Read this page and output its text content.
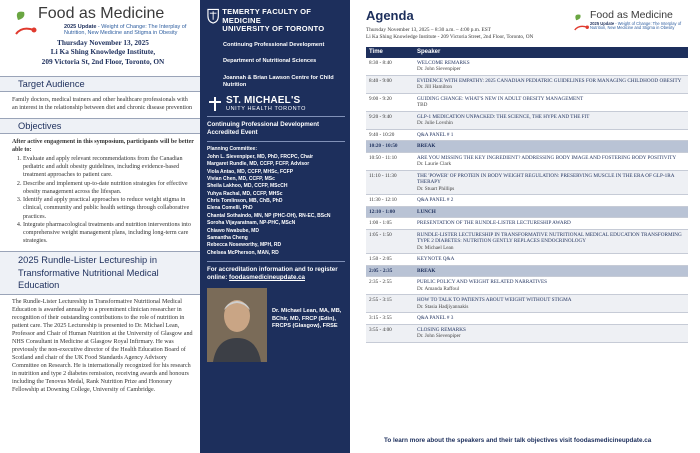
Food as Medicine
2025 Update - Weight of Change: The Interplay of Nutrition, New Medicine and Stigma in Obesity
Thursday November 13, 2025
Li Ka Shing Knowledge Institute,
209 Victoria St, 2nd Floor, Toronto, ON
Target Audience

Family doctors, medical trainers and other healthcare professionals with an interest in the relationship between diet and chronic disease prevention

Objectives

After active engagement in this symposium, participants will be better able to:

1. Evaluate and apply relevant recommendations from the Canadian pediatric and adult obesity guidelines, including evidence-based treatment approaches to patient care.
2. Describe and implement up-to-date nutrition strategies for effective obesity management across the lifespan.
3. Identify and apply practical approaches to reduce weight stigma in clinical, community and public health settings through collaborative practices.
4. Integrate pharmacological treatments and nutrition interventions into comprehensive weight management plans, including long-term care strategies.
2025 Rundle-Lister Lectureship in Transformative Nutritional Medical Education

The Rundle-Lister Lectureship in Transformative Nutritional Medical Education is awarded annually to a preeminent clinician researcher in recognition of their outstanding contributions to the role of nutrition in patient care. The 2025 Lectureship is presented to Dr. Michael Lean, Professor and Chair of Human Nutrition at the University of Glasgow and NHS Consultant in Medicine at Glasgow Royal Infirmary. He was previously the non-executive director of the Health Education Board of Scotland and chair of the UK Food Standards Agency Advisory Committee on Research. He is internationally recognized for his research in nutrition and type 2 diabetes remission, receiving awards and honours including the Tenovus Medal, Rank Nutrition Prize and Honorary Fellowship at Downing College, University of Cambridge.

TEMERTY FACULTY OF MEDICINE
UNIVERSITY OF TORONTO
Continuing Professional Development
Department of Nutritional Sciences
Joannah & Brian Lawson Centre for Child Nutrition
ST. MICHAEL'S
UNITY HEALTH TORONTO
Continuing Professional Development Accredited Event
Planning Committee:
John L. Sievenpiper, MD, PhD, FRCPC, Chair
Margaret Rundle, MD, CCFP, FCFP, Advisor
Viola Antao, MD, CCFP, MHSc, FCFP
Vivian Chen, MD, CCFP, MSc
Sheila Lakhoo, MD, CCFP, MScCH
Yuhya Rachal, MD, CCFP, MHSc
Chris Tomlinson, MB, ChB, PhD
Elena Comelli, PhD
Chantal Sothaindo, MN, NP (PHC-OH), RN-EC, BScN
Soroha Vijayaratnam, NP-PHC, MScN
Chiawo Nwabube, MD
Samantha Cheng
Rebecca Noseworthy, MPH, RD
Chelsea McPherson, MAN, RD
For accreditation information and to register online: foodasmedicineupdate.ca
Dr. Michael Lean, MA, MB, BChir, MD, FRCP (Edin), FRCPS (Glasgow), FRSE
Agenda
Thursday November 13, 2025 – 8:30 a.m. – 4:00 p.m. EST
Li Ka Shing Knowledge Institute - 209 Victoria Street, 2nd Floor, Toronto, ON
Food as Medicine
2025 Update - Weight of Change: The Interplay of Nutrition, New Medicine and Stigma in Obesity
Time	Speaker
8:30 - 8:40	WELCOME REMARKS
Dr. John Sievenpiper

8:40 - 9:00	EVIDENCE WITH EMPATHY: 2025 CANADIAN PEDIATRIC GUIDELINES FOR MANAGING CHILDHOOD OBESITY
Dr. Jill Hamilton

9:00 - 9:20	GUIDING CHANGE: WHAT'S NEW IN ADULT OBESITY MANAGEMENT
TBD

9:20 - 9:40	GLP-1 MEDICATION UNPACKED: THE SCIENCE, THE HYPE AND THE FIT
Dr. Julie Lovshin

9:40 - 10:20	Q&A PANEL # 1

10:20 - 10:50	BREAK

10:50 - 11:10	ARE YOU MISSING THE KEY INGREDIENT? ADDRESSING BODY IMAGE AND FOSTERING BODY POSITIVITY
Dr. Laurie Clark

11:10 - 11:30	THE 'POWER' OF PROTEIN IN BODY WEIGHT REGULATION: PRESERVING MUSCLE IN THE ERA OF GLP-1RA THERAPY
Dr. Stuart Phillips

11:30 - 12:10	Q&A PANEL # 2

12:10 - 1:00	LUNCH

1:00 - 1:05	PRESENTATION OF THE RUNDLE-LISTER LECTURESHIP AWARD

1:05 - 1:50	RUNDLE-LISTER LECTURESHIP IN TRANSFORMATIVE NUTRITIONAL MEDICAL EDUCATION TRANSFORMING TYPE 2 DIABETES: NUTRITION GENTLY REPLACES ENDOCRINOLOGY
Dr. Michael Lean

1:50 - 2:05	KEYNOTE Q&A

2:05 - 2:35	BREAK

2:35 - 2:55	PUBLIC POLICY AND WEIGHT RELATED NARRATIVES
Dr. Amanda Raffoul

2:55 - 3:15	HOW TO TALK TO PATIENTS ABOUT WEIGHT WITHOUT STIGMA
Dr. Stasia Hadjiyannakis

3:15 - 3:55	Q&A PANEL # 3

3:55 - 4:00	CLOSING REMARKS
Dr. John Sievenpiper
To learn more about the speakers and their talk objectives visit foodasmedicineupdate.ca
